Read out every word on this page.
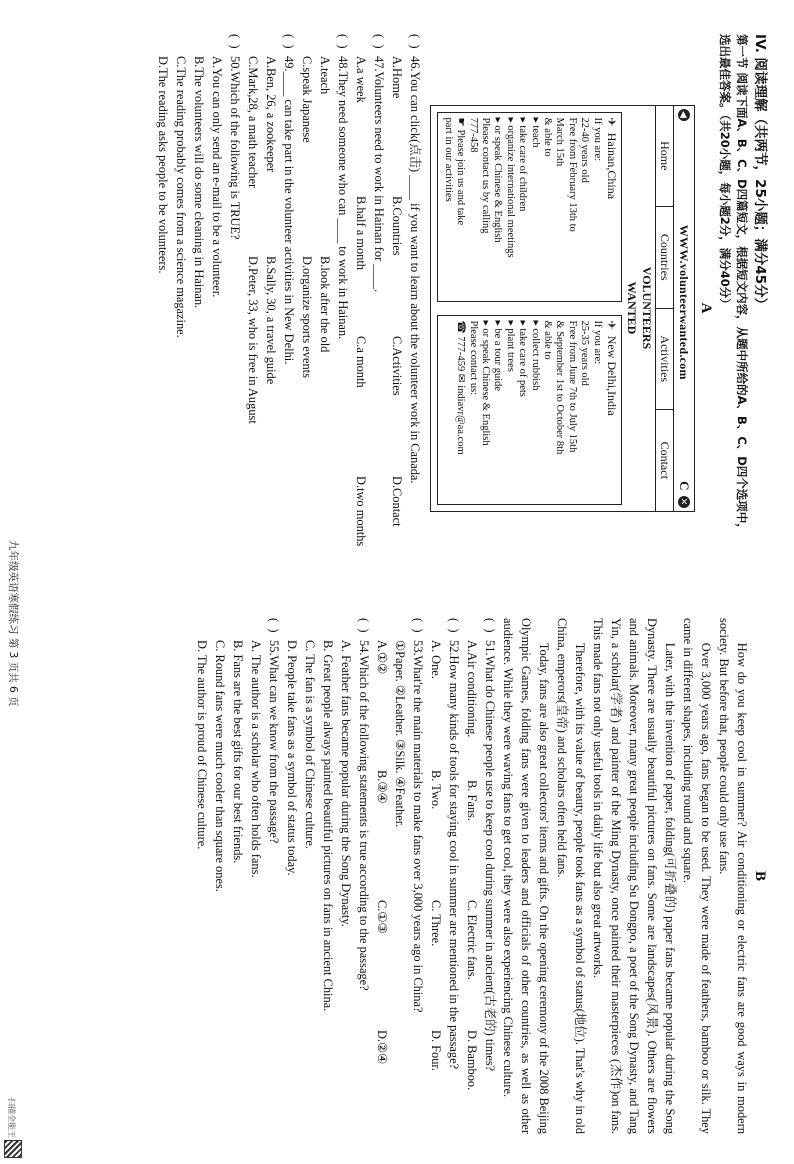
IV. 阅读理解（共两节，25小题；满分45分）
第一节 阅读下面A、B、C、D四篇短文，根据短文内容，从题中所给的A、B、C、D四个选项中，
选出最佳答案。（共20小题，每小题2分，满分40分）
A
◀
WWW.volunteerwanted.com
C
✕
Home
Countries
Activities
Contact
VOLUNTEERS
WANTED
✈Hainan,China
If you are:
22-40 years old
Free from February 13th to
March 15th
& able to
▸ teach
▸ take care of children
▸ organize international meetings
▸ or speak Chinese & English
Please contact us by calling
777-458
☛ Please join us and take
part in our activities
✈New Delhi,India
If you are:
25-35 years old
Free from June 7th to July 15th
& September 1st to October 8th
& able to
▸ collect rubbish
▸ take care of pets
▸ plant trees
▸ be a tour guide
▸ or speak Chinese & English
Please contact us:
☎ 777-459 ✉ indiavr@aa.com
(  )
46.
You can click(点击) ____ if you want to learn about the volunteer work in Canada.
A.Home
B.Countries
C.Activities
D.Contact
(  )
47.
Volunteers need to work in Hainan for ____.
A.a week
B.half a month
C.a month
D.two months
(  )
48.
They need someone who can ____ to work in Hainan.
A.teach
B.look after the old
C.speak Japanese
D.organize sports events
(  )
49.
____ can take part in the volunteer activities in New Delhi.
A.Ben, 26, a zookeeper
B.Sally, 30, a travel guide
C.Mark,28, a math teacher
D.Peter, 33, who is free in August
(  )
50.
Which of the following is TRUE?
A.You can only send an e-mail to be a volunteer.
B.The volunteers will do some cleaning in Hainan.
C.The reading probably comes from a science magazine.
D.The reading asks people to be volunteers.
B
How do you keep cool in summer? Air conditioning or electric fans are good ways in modern society. But before that, people could only use fans.
Over 3,000 years ago, fans began to be used. They were made of feathers, bamboo or silk. They came in different shapes, including round and square.
Later, with the invention of paper, folding(可折叠的) paper fans became popular during the Song Dynasty. There are usually beautiful pictures on fans. Some are landscapes(风景). Others are flowers and animals. Moreover, many great people including Su Dongpo, a poet of the Song Dynasty, and Tang Yin, a scholar(学者) and painter of the Ming Dynasty, once painted their masterpieces (杰作)on fans. This made fans not only useful tools in daily life but also great artworks.
Therefore, with its value of beauty, people took fans as a symbol of status(地位). That's why in old China, emperors(皇帝) and scholars often held fans.
Today, fans are also great collectors' items and gifts. On the opening ceremony of the 2008 Beijing Olympic Games, folding fans were given to leaders and officials of other countries, as well as other audience. While they were waving fans to get cool, they were also experiencing Chinese culture.
(  )
51.
What do Chinese people use to keep cool during summer in ancient(古老的) times?
A.Air conditioning.
B. Fans.
C. Electric fans.
D. Bamboo.
(  )
52.
How many kinds of tools for staying cool in summer are mentioned in the passage?
A. One.
B. Two.
C. Three.
D. Four.
(  )
53.
What're the main materials to make fans over 3,000 years ago in China?
①Paper. ②Leather. ③Silk. ④Feather.
A.①②
B.③④
C.①③
D.②④
(  )
54.
Which of the following statements is true according to the passage?
A. Feather fans became popular during the Song Dynasty.
B. Great people always painted beautiful pictures on fans in ancient China.
C. The fan is a symbol of Chinese culture.
D. People take fans as a symbol of status today.
(  )
55.
What can we know from the passage?
A. The author is a scholar who often holds fans.
B. Fans are the best gifts for our best friends.
C. Round fans were much cooler than square ones.
D. The author is proud of Chinese culture.
九年级英语寒假练习 第 3 页共 6 页
扫描全能王
